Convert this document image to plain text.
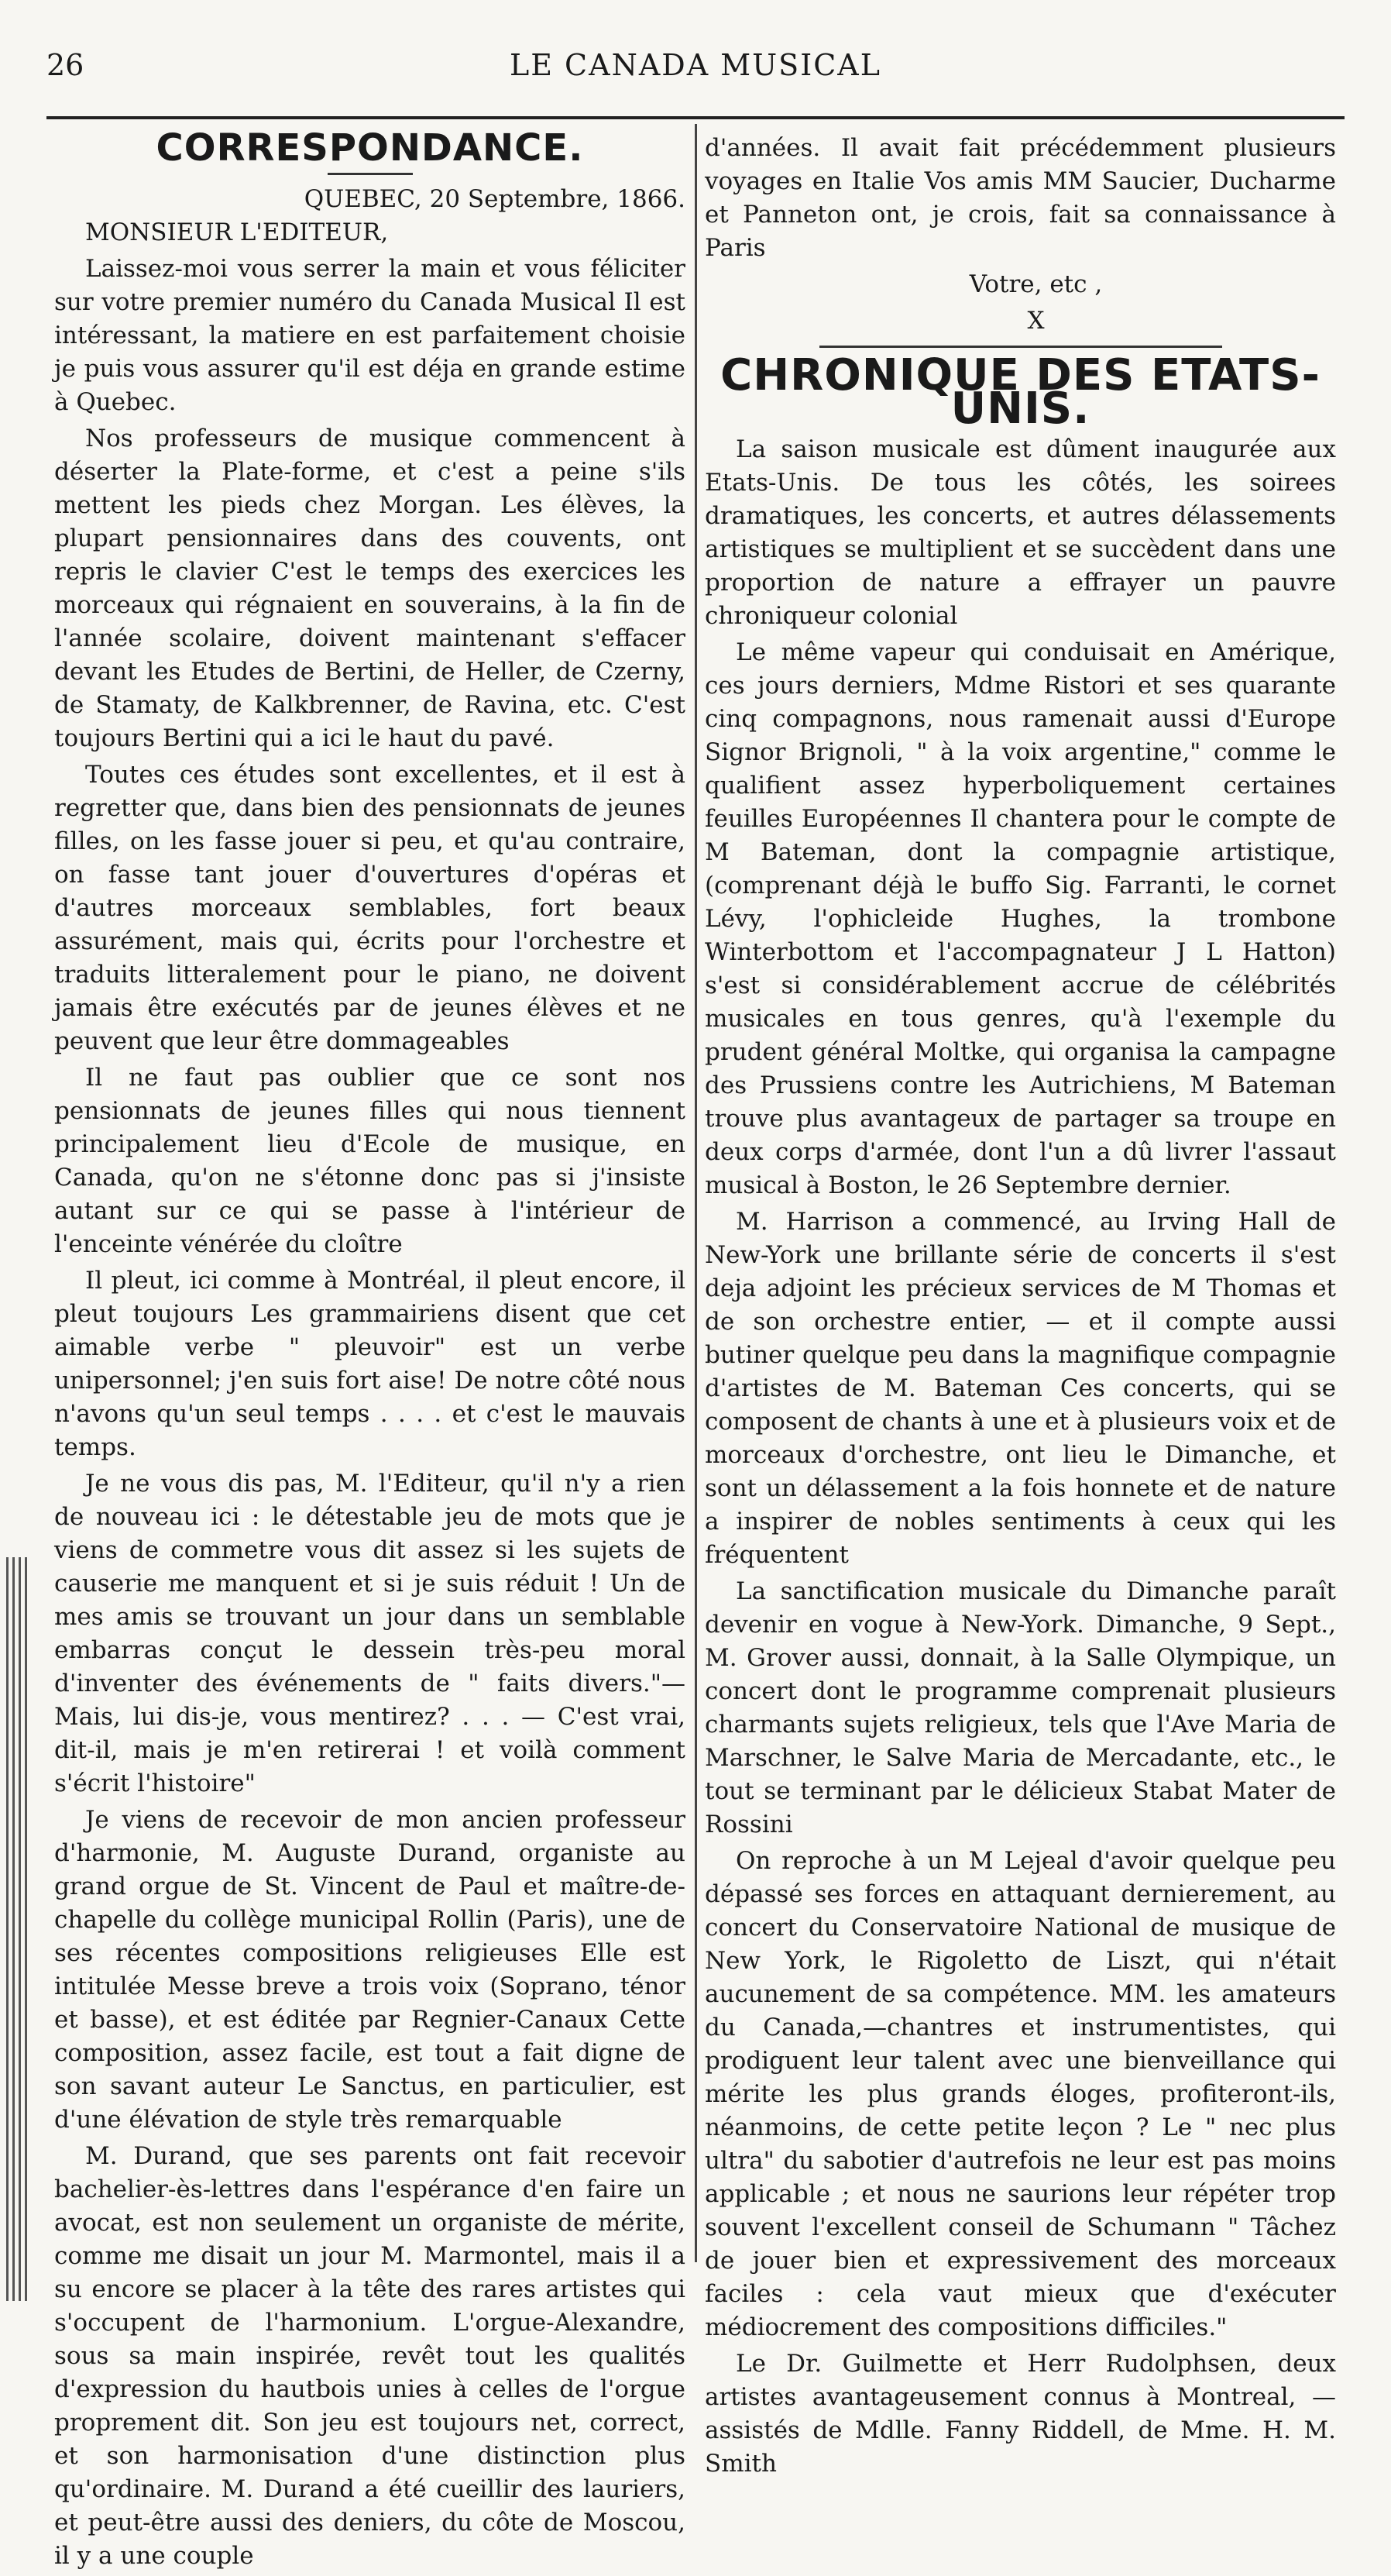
26	LE CANADA MUSICAL
CORRESPONDANCE.
QUEBEC, 20 Septembre, 1866.

MONSIEUR L'EDITEUR,

Laissez-moi vous serrer la main et vous féliciter sur votre premier numéro du Canada Musical Il est intéressant, la matiere en est parfaitement choisie je puis vous assurer qu'il est déja en grande estime à Quebec.

Nos professeurs de musique commencent à déserter la Plate-forme, et c'est a peine s'ils mettent les pieds chez Morgan. Les élèves, la plupart pensionnaires dans des couvents, ont repris le clavier C'est le temps des exercices les morceaux qui régnaient en souverains, à la fin de l'année scolaire, doivent maintenant s'effacer devant les Etudes de Bertini, de Heller, de Czerny, de Stamaty, de Kalkbrenner, de Ravina, etc. C'est toujours Bertini qui a ici le haut du pavé.

Toutes ces études sont excellentes, et il est à regretter que, dans bien des pensionnats de jeunes filles, on les fasse jouer si peu, et qu'au contraire, on fasse tant jouer d'ouvertures d'opéras et d'autres morceaux semblables, fort beaux assurément, mais qui, écrits pour l'orchestre et traduits litteralement pour le piano, ne doivent jamais être exécutés par de jeunes élèves et ne peuvent que leur être dommageables

Il ne faut pas oublier que ce sont nos pensionnats de jeunes filles qui nous tiennent principalement lieu d'Ecole de musique, en Canada, qu'on ne s'étonne donc pas si j'insiste autant sur ce qui se passe à l'intérieur de l'enceinte vénérée du cloître

Il pleut, ici comme à Montréal, il pleut encore, il pleut toujours Les grammairiens disent que cet aimable verbe " pleuvoir" est un verbe unipersonnel; j'en suis fort aise! De notre côté nous n'avons qu'un seul temps . . . . et c'est le mauvais temps.

Je ne vous dis pas, M. l'Editeur, qu'il n'y a rien de nouveau ici : le détestable jeu de mots que je viens de commetre vous dit assez si les sujets de causerie me manquent et si je suis réduit ! Un de mes amis se trouvant un jour dans un semblable embarras conçut le dessein très-peu moral d'inventer des événements de " faits divers."— Mais, lui dis-je, vous mentirez? . . . — C'est vrai, dit-il, mais je m'en retirerai ! et voilà comment s'écrit l'histoire"

Je viens de recevoir de mon ancien professeur d'harmonie, M. Auguste Durand, organiste au grand orgue de St. Vincent de Paul et maître-de-chapelle du collège municipal Rollin (Paris), une de ses récentes compositions religieuses Elle est intitulée Messe breve a trois voix (Soprano, ténor et basse), et est éditée par Regnier-Canaux Cette composition, assez facile, est tout a fait digne de son savant auteur Le Sanctus, en particulier, est d'une élévation de style très remarquable

M. Durand, que ses parents ont fait recevoir bachelier-ès-lettres dans l'espérance d'en faire un avocat, est non seulement un organiste de mérite, comme me disait un jour M. Marmontel, mais il a su encore se placer à la tête des rares artistes qui s'occupent de l'harmonium. L'orgue-Alexandre, sous sa main inspirée, revêt tout les qualités d'expression du hautbois unies à celles de l'orgue proprement dit. Son jeu est toujours net, correct, et son harmonisation d'une distinction plus qu'ordinaire. M. Durand a été cueillir des lauriers, et peut-être aussi des deniers, du côte de Moscou, il y a une couple

d'années. Il avait fait précédemment plusieurs voyages en Italie Vos amis MM Saucier, Ducharme et Panneton ont, je crois, fait sa connaissance à Paris

Votre, etc ,

X

CHRONIQUE DES ETATS-UNIS.

La saison musicale est dûment inaugurée aux Etats-Unis. De tous les côtés, les soirees dramatiques, les concerts, et autres délassements artistiques se multiplient et se succèdent dans une proportion de nature a effrayer un pauvre chroniqueur colonial

Le même vapeur qui conduisait en Amérique, ces jours derniers, Mdme Ristori et ses quarante cinq compagnons, nous ramenait aussi d'Europe Signor Brignoli, " à la voix argentine," comme le qualifient assez hyperboliquement certaines feuilles Européennes Il chantera pour le compte de M Bateman, dont la compagnie artistique, (comprenant déjà le buffo Sig. Farranti, le cornet Lévy, l'ophicleide Hughes, la trombone Winterbottom et l'accompagnateur J L Hatton) s'est si considérablement accrue de célébrités musicales en tous genres, qu'à l'exemple du prudent général Moltke, qui organisa la campagne des Prussiens contre les Autrichiens, M Bateman trouve plus avantageux de partager sa troupe en deux corps d'armée, dont l'un a dû livrer l'assaut musical à Boston, le 26 Septembre dernier.

M. Harrison a commencé, au Irving Hall de New-York une brillante série de concerts il s'est deja adjoint les précieux services de M Thomas et de son orchestre entier, — et il compte aussi butiner quelque peu dans la magnifique compagnie d'artistes de M. Bateman Ces concerts, qui se composent de chants à une et à plusieurs voix et de morceaux d'orchestre, ont lieu le Dimanche, et sont un délassement a la fois honnete et de nature a inspirer de nobles sentiments à ceux qui les fréquentent

La sanctification musicale du Dimanche paraît devenir en vogue à New-York. Dimanche, 9 Sept., M. Grover aussi, donnait, à la Salle Olympique, un concert dont le programme comprenait plusieurs charmants sujets religieux, tels que l'Ave Maria de Marschner, le Salve Maria de Mercadante, etc., le tout se terminant par le délicieux Stabat Mater de Rossini

On reproche à un M Lejeal d'avoir quelque peu dépassé ses forces en attaquant dernierement, au concert du Conservatoire National de musique de New York, le Rigoletto de Liszt, qui n'était aucunement de sa compétence. MM. les amateurs du Canada,—chantres et instrumentistes, qui prodiguent leur talent avec une bienveillance qui mérite les plus grands éloges, profiteront-ils, néanmoins, de cette petite leçon ? Le " nec plus ultra" du sabotier d'autrefois ne leur est pas moins applicable ; et nous ne saurions leur répéter trop souvent l'excellent conseil de Schumann " Tâchez de jouer bien et expressivement des morceaux faciles : cela vaut mieux que d'exécuter médiocrement des compositions difficiles."

Le Dr. Guilmette et Herr Rudolphsen, deux artistes avantageusement connus à Montreal, — assistés de Mdlle. Fanny Riddell, de Mme. H. M. Smith
